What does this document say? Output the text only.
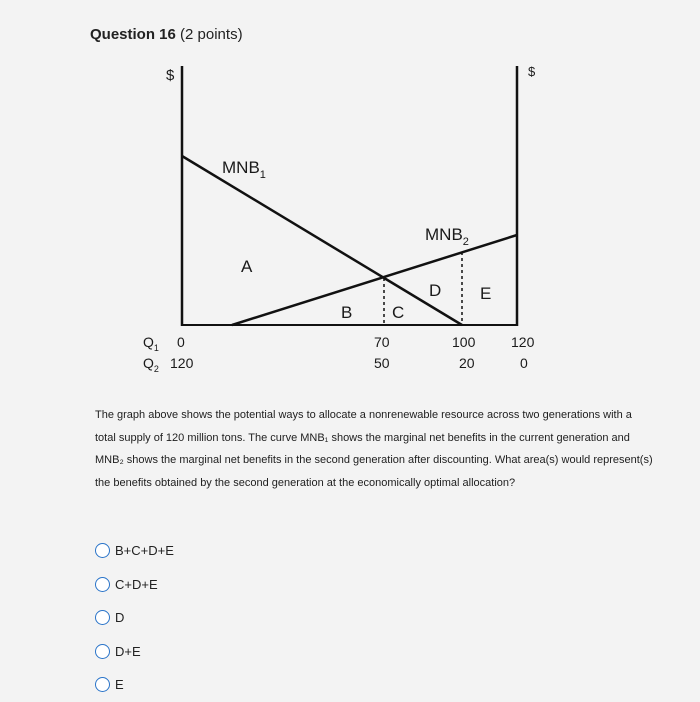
Question 16 (2 points)
$	$
$MNB_1$
$MNB_2$
A
B C
D E
$Q_1$
$Q_2$
0	70	100	120
120	50	20	0
The graph above shows the potential ways to allocate a nonrenewable resource across two generations with a total supply of 120 million tons. The curve MNB₁ shows the marginal net benefits in the current generation and MNB₂ shows the marginal net benefits in the second generation after discounting. What area(s) would represent(s) the benefits obtained by the second generation at the economically optimal allocation?
B+C+D+E
C+D+E
D
D+E
E
